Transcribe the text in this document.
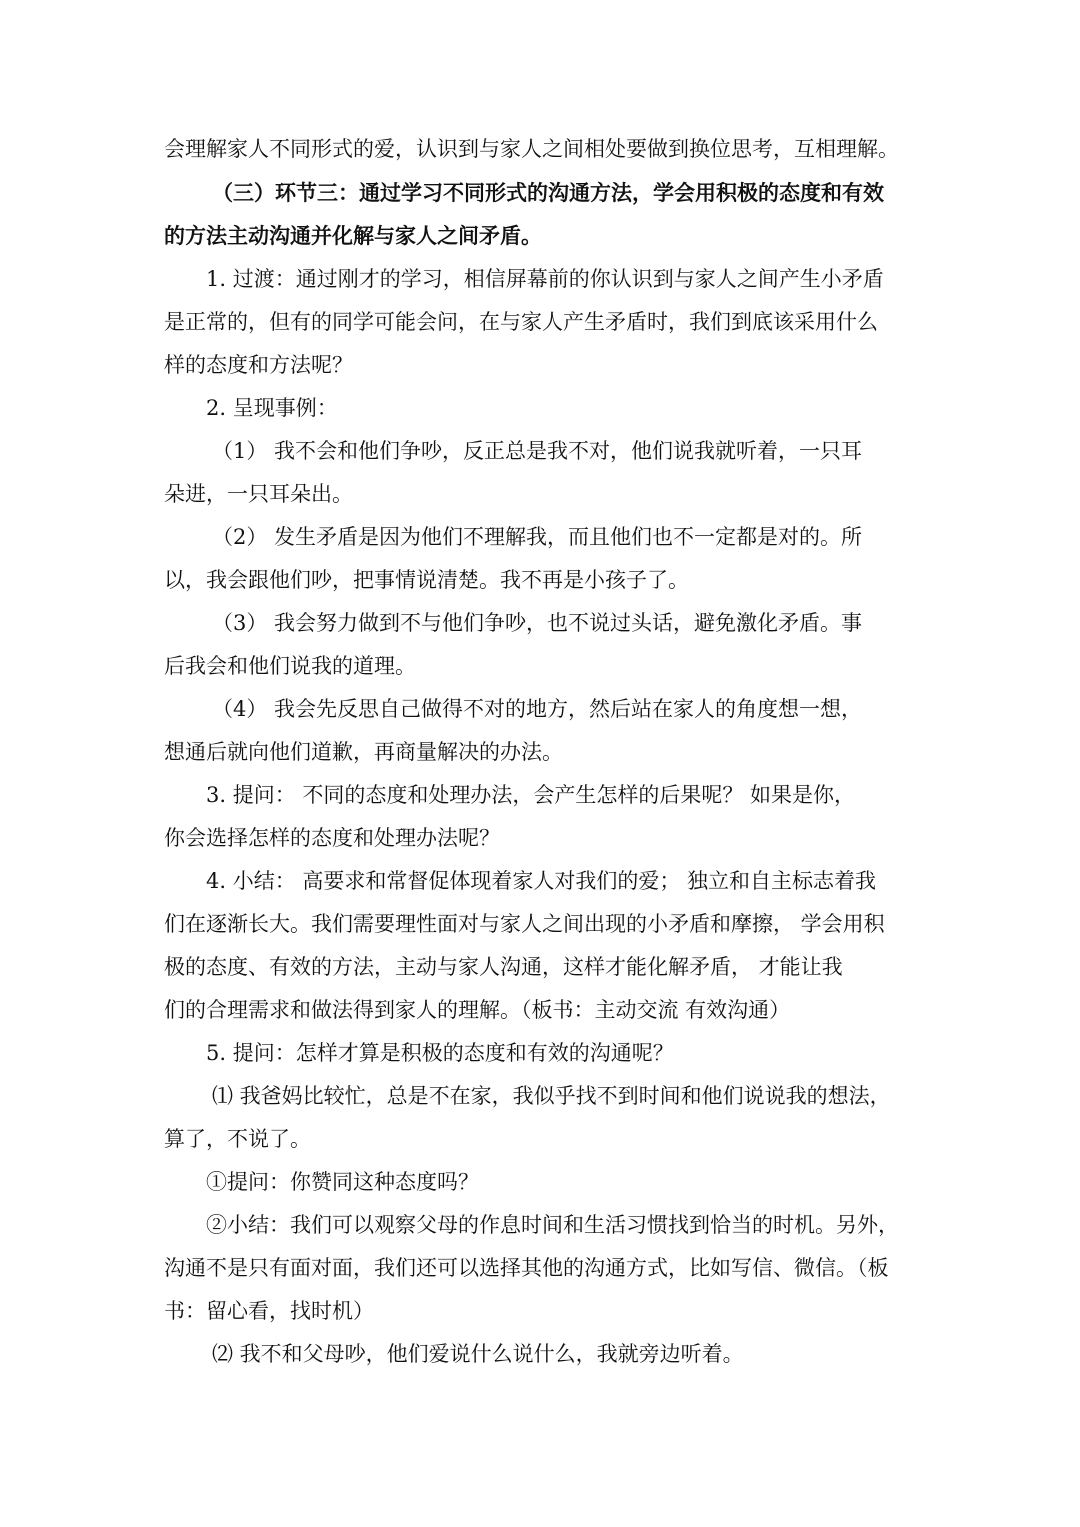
会理解家人不同形式的爱，认识到与家人之间相处要做到换位思考，互相理解。
（三）环节三：通过学习不同形式的沟通方法，学会用积极的态度和有效
的方法主动沟通并化解与家人之间矛盾。
1. 过渡：通过刚才的学习，相信屏幕前的你认识到与家人之间产生小矛盾
是正常的，但有的同学可能会问，在与家人产生矛盾时，我们到底该采用什么
样的态度和方法呢？
2. 呈现事例：
（1） 我不会和他们争吵，反正总是我不对，他们说我就听着，一只耳
朵进，一只耳朵出。
（2） 发生矛盾是因为他们不理解我，而且他们也不一定都是对的。所
以，我会跟他们吵，把事情说清楚。我不再是小孩子了。
（3） 我会努力做到不与他们争吵，也不说过头话，避免激化矛盾。事
后我会和他们说我的道理。
（4） 我会先反思自己做得不对的地方，然后站在家人的角度想一想，
想通后就向他们道歉，再商量解决的办法。
3. 提问： 不同的态度和处理办法，会产生怎样的后果呢？ 如果是你，
你会选择怎样的态度和处理办法呢？
4. 小结： 高要求和常督促体现着家人对我们的爱； 独立和自主标志着我
们在逐渐长大。我们需要理性面对与家人之间出现的小矛盾和摩擦， 学会用积
极的态度、有效的方法，主动与家人沟通，这样才能化解矛盾， 才能让我
们的合理需求和做法得到家人的理解。（板书：主动交流 有效沟通）
5. 提问：怎样才算是积极的态度和有效的沟通呢？
⑴ 我爸妈比较忙，总是不在家，我似乎找不到时间和他们说说我的想法，
算了，不说了。
①提问：你赞同这种态度吗？
②小结：我们可以观察父母的作息时间和生活习惯找到恰当的时机。另外，
沟通不是只有面对面，我们还可以选择其他的沟通方式，比如写信、微信。（板
书：留心看，找时机）
⑵ 我不和父母吵，他们爱说什么说什么，我就旁边听着。
